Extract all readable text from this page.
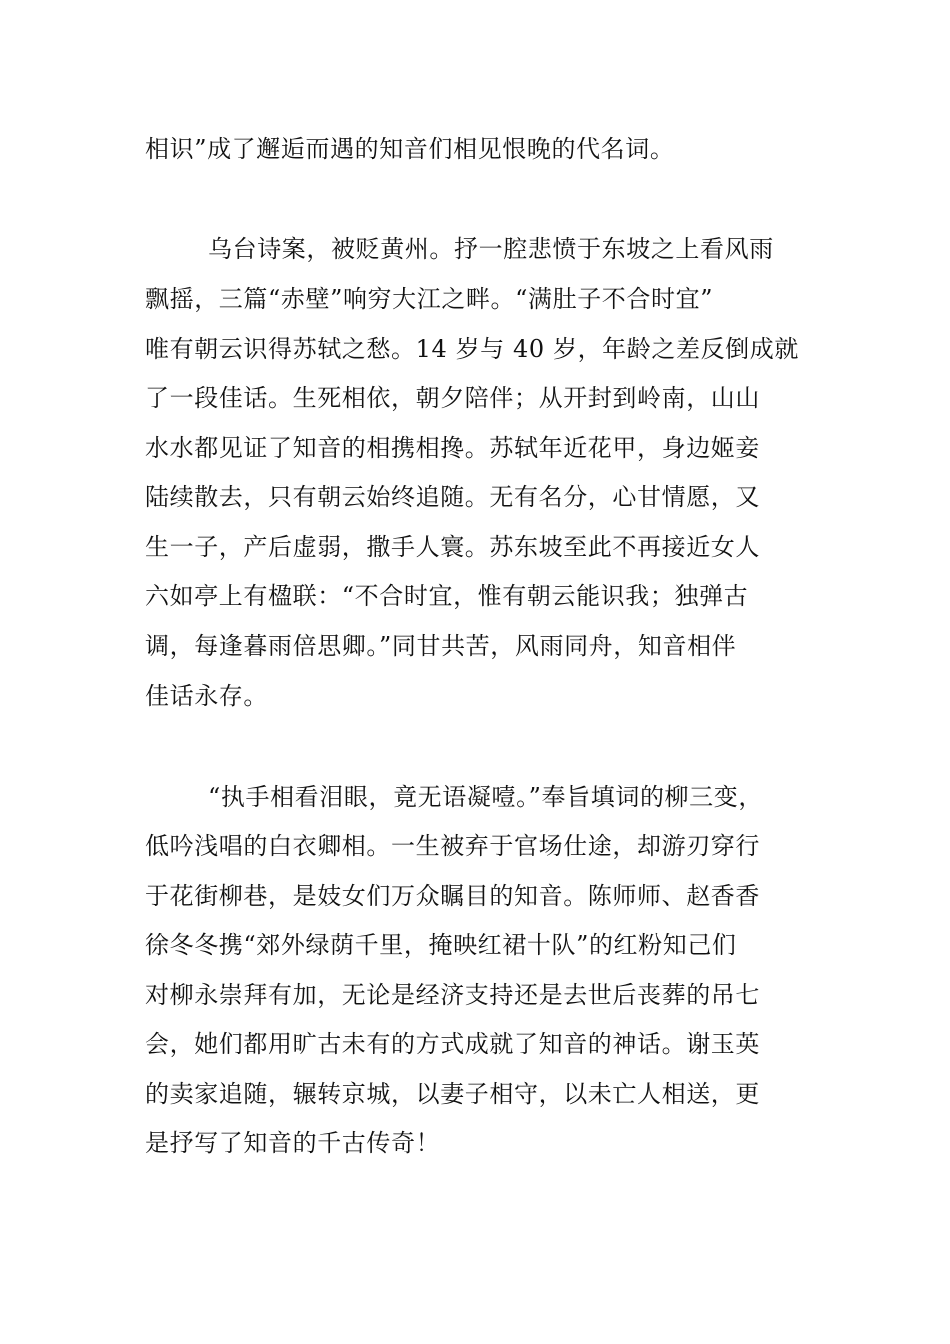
相识”成了邂逅而遇的知音们相见恨晚的代名词。
乌台诗案，被贬黄州。抒一腔悲愤于东坡之上看风雨
飘摇，三篇“赤壁”响穷大江之畔。“满肚子不合时宜”
唯有朝云识得苏轼之愁。14 岁与 40 岁，年龄之差反倒成就
了一段佳话。生死相依，朝夕陪伴；从开封到岭南，山山
水水都见证了知音的相携相搀。苏轼年近花甲，身边姬妾
陆续散去，只有朝云始终追随。无有名分，心甘情愿，又
生一子，产后虚弱，撒手人寰。苏东坡至此不再接近女人
六如亭上有楹联：“不合时宜，惟有朝云能识我；独弹古
调，每逢暮雨倍思卿。”同甘共苦，风雨同舟，知音相伴
佳话永存。
“执手相看泪眼，竟无语凝噎。”奉旨填词的柳三变，
低吟浅唱的白衣卿相。一生被弃于官场仕途，却游刃穿行
于花街柳巷，是妓女们万众瞩目的知音。陈师师、赵香香
徐冬冬携“郊外绿荫千里，掩映红裙十队”的红粉知己们
对柳永崇拜有加，无论是经济支持还是去世后丧葬的吊七
会，她们都用旷古未有的方式成就了知音的神话。谢玉英
的卖家追随，辗转京城，以妻子相守，以未亡人相送，更
是抒写了知音的千古传奇！
